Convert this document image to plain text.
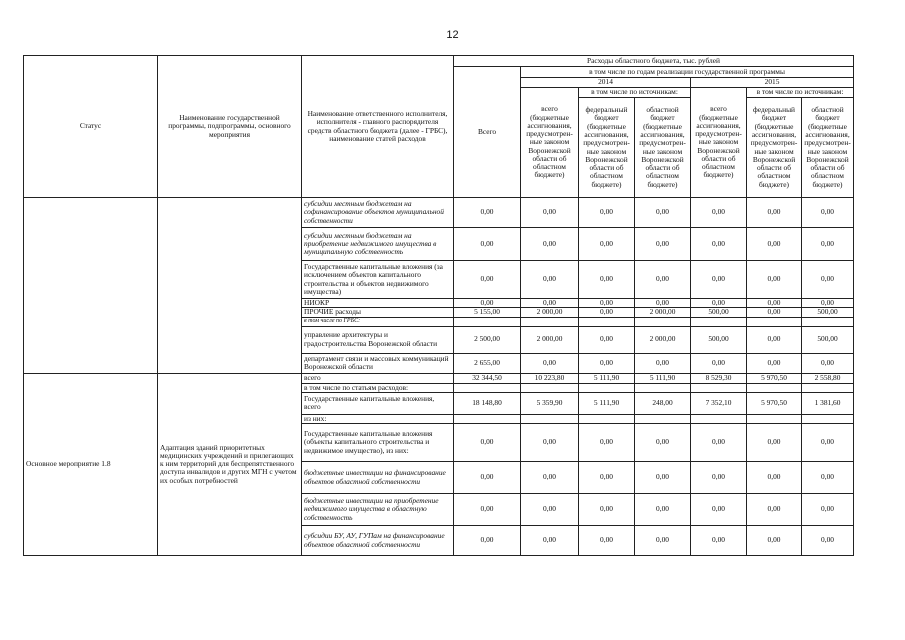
12
Статус	Наименование государственной программы, подпрограммы, основного мероприятия	Наименование ответственного исполнителя, исполнителя - главного распорядителя средств областного бюджета (далее - ГРБС), наименование статей расходов	Расходы областного бюджета, тыс. рублей						
			Всего	в том числе по годам реализации государственной программы					
				2014			2015		
				всего (бюджетные ассигнования, предусмотрен- ные законом Воронежской области об областном бюджете)	в том числе по источникам:		всего (бюджетные ассигнования, предусмотрен- ные законом Воронежской области об областном бюджете)	в том числе по источникам:	
					федеральный бюджет (бюджетные ассигнования, предусмотрен- ные законом Воронежской области об областном бюджете)	областной бюджет (бюджетные ассигнования, предусмотрен- ные законом Воронежской области об областном бюджете)		федеральный бюджет (бюджетные ассигнования, предусмотрен- ные законом Воронежской области об областном бюджете)	областной бюджет (бюджетные ассигнования, предусмотрен- ные законом Воронежской области об областном бюджете)
		субсидии местным бюджетам на софинансирование объектов муниципальной собственности	0,00	0,00	0,00	0,00	0,00	0,00	0,00
		субсидии местным бюджетам на приобретение недвижимого имущества в муниципальную собственность	0,00	0,00	0,00	0,00	0,00	0,00	0,00
		Государственные капитальные вложения (за исключением объектов капитального строительства и объектов недвижимого имущества)	0,00	0,00	0,00	0,00	0,00	0,00	0,00
		НИОКР	0,00	0,00	0,00	0,00	0,00	0,00	0,00
		ПРОЧИЕ расходы	5 155,00	2 000,00	0,00	2 000,00	500,00	0,00	500,00
		в том числе по ГРБС:							
		управление архитектуры и градостроительства Воронежской области	2 500,00	2 000,00	0,00	2 000,00	500,00	0,00	500,00
		департамент связи и массовых коммуникаций Воронежской области	2 655,00	0,00	0,00	0,00	0,00	0,00	0,00
Основное мероприятие 1.8	Адаптация зданий приоритетных медицинских учреждений и прилегающих к ним территорий для беспрепятственного доступа инвалидов и других МГН с учетом их особых потребностей	всего	32 344,50	10 223,80	5 111,90	5 111,90	8 529,30	5 970,50	2 558,80
		в том числе по статьям расходов:							
		Государственные капитальные вложения, всего	18 148,80	5 359,90	5 111,90	248,00	7 352,10	5 970,50	1 381,60
		из них:							
		Государственные капитальные вложения (объекты капитального строительства и недвижимое имущество), из них:	0,00	0,00	0,00	0,00	0,00	0,00	0,00
		бюджетные инвестиции на финансирование объектов областной собственности	0,00	0,00	0,00	0,00	0,00	0,00	0,00
		бюджетные инвестиции на приобретение недвижимого имущества в областную собственность	0,00	0,00	0,00	0,00	0,00	0,00	0,00
		субсидии БУ, АУ, ГУПам на финансирование объектов областной собственности	0,00	0,00	0,00	0,00	0,00	0,00	0,00
